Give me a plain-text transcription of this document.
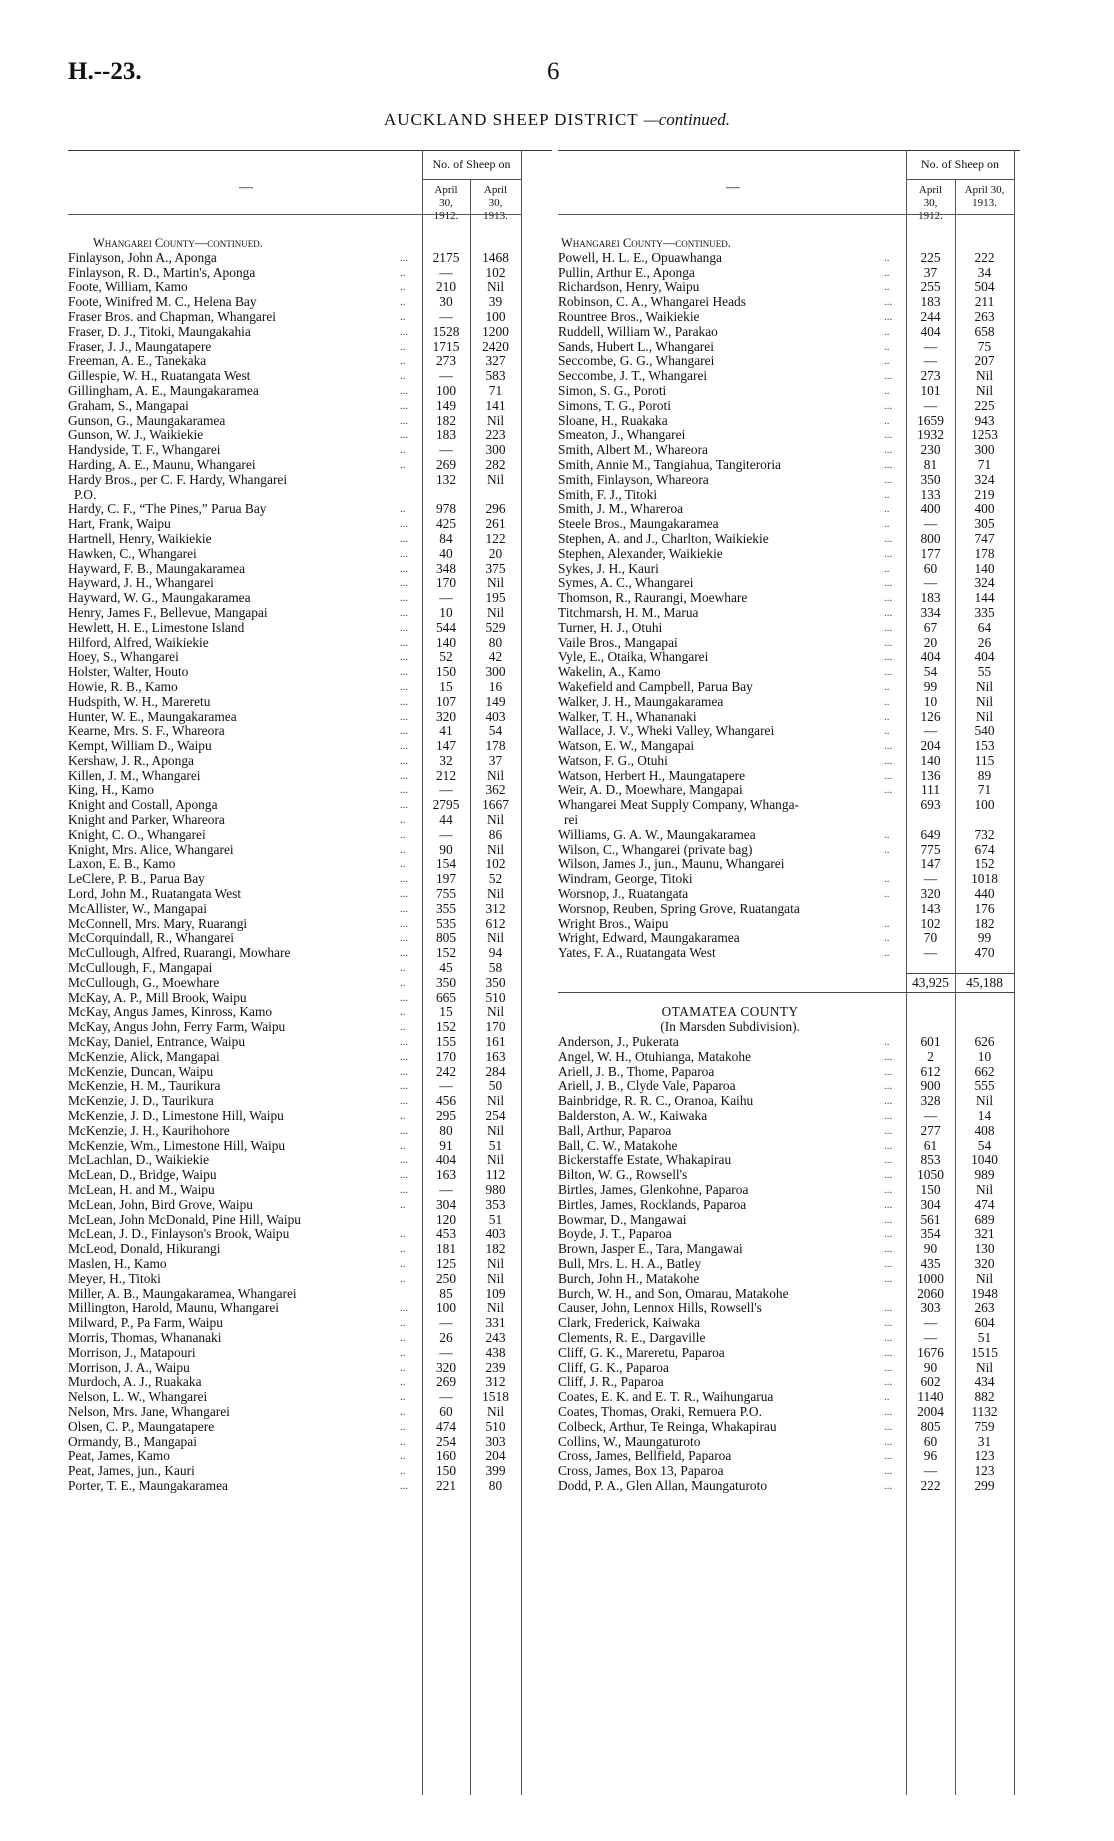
H.--23.	6
AUCKLAND SHEEP DISTRICT —continued.
—
No. of Sheep on
April 30, 1912.
April 30, 1913.
Whangarei County—continued.
Finlayson, John A., Aponga	...	2175	1468
Finlayson, R. D., Martin's, Aponga	..	—	102
Foote, William, Kamo	..	210	Nil
Foote, Winifred M. C., Helena Bay	..	30	39
Fraser Bros. and Chapman, Whangarei	..	—	100
Fraser, D. J., Titoki, Maungakahia	...	1528	1200
Fraser, J. J., Maungatapere	..	1715	2420
Freeman, A. E., Tanekaka	..	273	327
Gillespie, W. H., Ruatangata West	..	—	583
Gillingham, A. E., Maungakaramea	...	100	71
Graham, S., Mangapai	...	149	141
Gunson, G., Maungakaramea	...	182	Nil
Gunson, W. J., Waikiekie	...	183	223
Handyside, T. F., Whangarei	..	—	300
Harding, A. E., Maunu, Whangarei	..	269	282
Hardy Bros., per C. F. Hardy, Whangarei	132	Nil
P.O.
Hardy, C. F., “The Pines,” Parua Bay	..	978	296
Hart, Frank, Waipu	...	425	261
Hartnell, Henry, Waikiekie	...	84	122
Hawken, C., Whangarei	...	40	20
Hayward, F. B., Maungakaramea	...	348	375
Hayward, J. H., Whangarei	...	170	Nil
Hayward, W. G., Maungakaramea	...	—	195
Henry, James F., Bellevue, Mangapai	...	10	Nil
Hewlett, H. E., Limestone Island	...	544	529
Hilford, Alfred, Waikiekie	...	140	80
Hoey, S., Whangarei	...	52	42
Holster, Walter, Houto	...	150	300
Howie, R. B., Kamo	...	15	16
Hudspith, W. H., Mareretu	...	107	149
Hunter, W. E., Maungakaramea	...	320	403
Kearne, Mrs. S. F., Whareora	...	41	54
Kempt, William D., Waipu	...	147	178
Kershaw, J. R., Aponga	...	32	37
Killen, J. M., Whangarei	...	212	Nil
King, H., Kamo	...	—	362
Knight and Costall, Aponga	...	2795	1667
Knight and Parker, Whareora	..	44	Nil
Knight, C. O., Whangarei	..	—	86
Knight, Mrs. Alice, Whangarei	..	90	Nil
Laxon, E. B., Kamo	..	154	102
LeClere, P. B., Parua Bay	...	197	52
Lord, John M., Ruatangata West	...	755	Nil
McAllister, W., Mangapai	...	355	312
McConnell, Mrs. Mary, Ruarangi	...	535	612
McCorquindall, R., Whangarei	...	805	Nil
McCullough, Alfred, Ruarangi, Mowhare	...	152	94
McCullough, F., Mangapai	..	45	58
McCullough, G., Moewhare	..	350	350
McKay, A. P., Mill Brook, Waipu	...	665	510
McKay, Angus James, Kinross, Kamo	..	15	Nil
McKay, Angus John, Ferry Farm, Waipu	..	152	170
McKay, Daniel, Entrance, Waipu	...	155	161
McKenzie, Alick, Mangapai	...	170	163
McKenzie, Duncan, Waipu	...	242	284
McKenzie, H. M., Taurikura	...	—	50
McKenzie, J. D., Taurikura	...	456	Nil
McKenzie, J. D., Limestone Hill, Waipu	..	295	254
McKenzie, J. H., Kaurihohore	...	80	Nil
McKenzie, Wm., Limestone Hill, Waipu	..	91	51
McLachlan, D., Waikiekie	...	404	Nil
McLean, D., Bridge, Waipu	...	163	112
McLean, H. and M., Waipu	...	—	980
McLean, John, Bird Grove, Waipu	..	304	353
McLean, John McDonald, Pine Hill, Waipu	120	51
McLean, J. D., Finlayson's Brook, Waipu	..	453	403
McLeod, Donald, Hikurangi	..	181	182
Maslen, H., Kamo	..	125	Nil
Meyer, H., Titoki	..	250	Nil
Miller, A. B., Maungakaramea, Whangarei	85	109
Millington, Harold, Maunu, Whangarei	...	100	Nil
Milward, P., Pa Farm, Waipu	..	—	331
Morris, Thomas, Whananaki	..	26	243
Morrison, J., Matapouri	..	—	438
Morrison, J. A., Waipu	..	320	239
Murdoch, A. J., Ruakaka	..	269	312
Nelson, L. W., Whangarei	..	—	1518
Nelson, Mrs. Jane, Whangarei	..	60	Nil
Olsen, C. P., Maungatapere	..	474	510
Ormandy, B., Mangapai	..	254	303
Peat, James, Kamo	..	160	204
Peat, James, jun., Kauri	..	150	399
Porter, T. E., Maungakaramea	...	221	80
—
No. of Sheep on
April 30, 1912.
April 30, 1913.
Whangarei County—continued.
Powell, H. L. E., Opuawhanga	..	225	222
Pullin, Arthur E., Aponga	..	37	34
Richardson, Henry, Waipu	..	255	504
Robinson, C. A., Whangarei Heads	...	183	211
Rountree Bros., Waikiekie	...	244	263
Ruddell, William W., Parakao	..	404	658
Sands, Hubert L., Whangarei	..	—	75
Seccombe, G. G., Whangarei	..	—	207
Seccombe, J. T., Whangarei	...	273	Nil
Simon, S. G., Poroti	..	101	Nil
Simons, T. G., Poroti	...	—	225
Sloane, H., Ruakaka	..	1659	943
Smeaton, J., Whangarei	...	1932	1253
Smith, Albert M., Whareora	...	230	300
Smith, Annie M., Tangiahua, Tangiteroria	...	81	71
Smith, Finlayson, Whareora	...	350	324
Smith, F. J., Titoki	..	133	219
Smith, J. M., Whareroa	..	400	400
Steele Bros., Maungakaramea	..	—	305
Stephen, A. and J., Charlton, Waikiekie	...	800	747
Stephen, Alexander, Waikiekie	...	177	178
Sykes, J. H., Kauri	..	60	140
Symes, A. C., Whangarei	...	—	324
Thomson, R., Raurangi, Moewhare	...	183	144
Titchmarsh, H. M., Marua	...	334	335
Turner, H. J., Otuhi	...	67	64
Vaile Bros., Mangapai	...	20	26
Vyle, E., Otaika, Whangarei	...	404	404
Wakelin, A., Kamo	...	54	55
Wakefield and Campbell, Parua Bay	..	99	Nil
Walker, J. H., Maungakaramea	..	10	Nil
Walker, T. H., Whananaki	..	126	Nil
Wallace, J. V., Wheki Valley, Whangarei	..	—	540
Watson, E. W., Mangapai	...	204	153
Watson, F. G., Otuhi	...	140	115
Watson, Herbert H., Maungatapere	...	136	89
Weir, A. D., Moewhare, Mangapai	...	111	71
Whangarei Meat Supply Company, Whanga-	693	100
rei
Williams, G. A. W., Maungakaramea	..	649	732
Wilson, C., Whangarei (private bag)	..	775	674
Wilson, James J., jun., Maunu, Whangarei	147	152
Windram, George, Titoki	..	—	1018
Worsnop, J., Ruatangata	..	320	440
Worsnop, Reuben, Spring Grove, Ruatangata	143	176
Wright Bros., Waipu	..	102	182
Wright, Edward, Maungakaramea	..	70	99
Yates, F. A., Ruatangata West	..	—	470
43,925	45,188
OTAMATEA COUNTY
(In Marsden Subdivision).
Anderson, J., Pukerata	..	601	626
Angel, W. H., Otuhianga, Matakohe	...	2	10
Ariell, J. B., Thome, Paparoa	...	612	662
Ariell, J. B., Clyde Vale, Paparoa	...	900	555
Bainbridge, R. R. C., Oranoa, Kaihu	...	328	Nil
Balderston, A. W., Kaiwaka	...	—	14
Ball, Arthur, Paparoa	...	277	408
Ball, C. W., Matakohe	...	61	54
Bickerstaffe Estate, Whakapirau	...	853	1040
Bilton, W. G., Rowsell's	...	1050	989
Birtles, James, Glenkohne, Paparoa	...	150	Nil
Birtles, James, Rocklands, Paparoa	...	304	474
Bowmar, D., Mangawai	...	561	689
Boyde, J. T., Paparoa	...	354	321
Brown, Jasper E., Tara, Mangawai	...	90	130
Bull, Mrs. L. H. A., Batley	...	435	320
Burch, John H., Matakohe	...	1000	Nil
Burch, W. H., and Son, Omarau, Matakohe	2060	1948
Causer, John, Lennox Hills, Rowsell's	...	303	263
Clark, Frederick, Kaiwaka	...	—	604
Clements, R. E., Dargaville	...	—	51
Cliff, G. K., Mareretu, Paparoa	...	1676	1515
Cliff, G. K., Paparoa	...	90	Nil
Cliff, J. R., Paparoa	...	602	434
Coates, E. K. and E. T. R., Waihungarua	..	1140	882
Coates, Thomas, Oraki, Remuera P.O.	...	2004	1132
Colbeck, Arthur, Te Reinga, Whakapirau	...	805	759
Collins, W., Maungaturoto	...	60	31
Cross, James, Bellfield, Paparoa	...	96	123
Cross, James, Box 13, Paparoa	...	—	123
Dodd, P. A., Glen Allan, Maungaturoto	...	222	299
